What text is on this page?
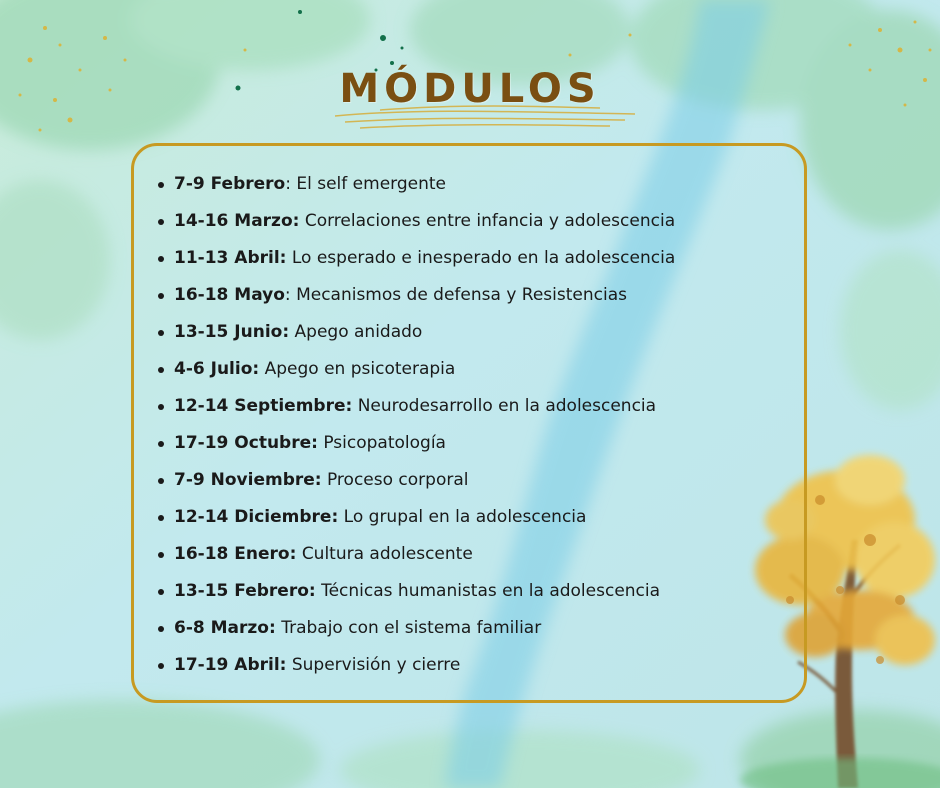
MÓDULOS
7-9 Febrero: El self emergente
14-16 Marzo: Correlaciones entre infancia y adolescencia
11-13 Abril: Lo esperado e inesperado en la adolescencia
16-18 Mayo: Mecanismos de defensa y Resistencias
13-15 Junio: Apego anidado
4-6 Julio: Apego en psicoterapia
12-14 Septiembre: Neurodesarrollo en la adolescencia
17-19 Octubre: Psicopatología
7-9 Noviembre: Proceso corporal
12-14 Diciembre: Lo grupal en la adolescencia
16-18 Enero: Cultura adolescente
13-15 Febrero: Técnicas humanistas en la adolescencia
6-8 Marzo: Trabajo con el sistema familiar
17-19 Abril: Supervisión y cierre
